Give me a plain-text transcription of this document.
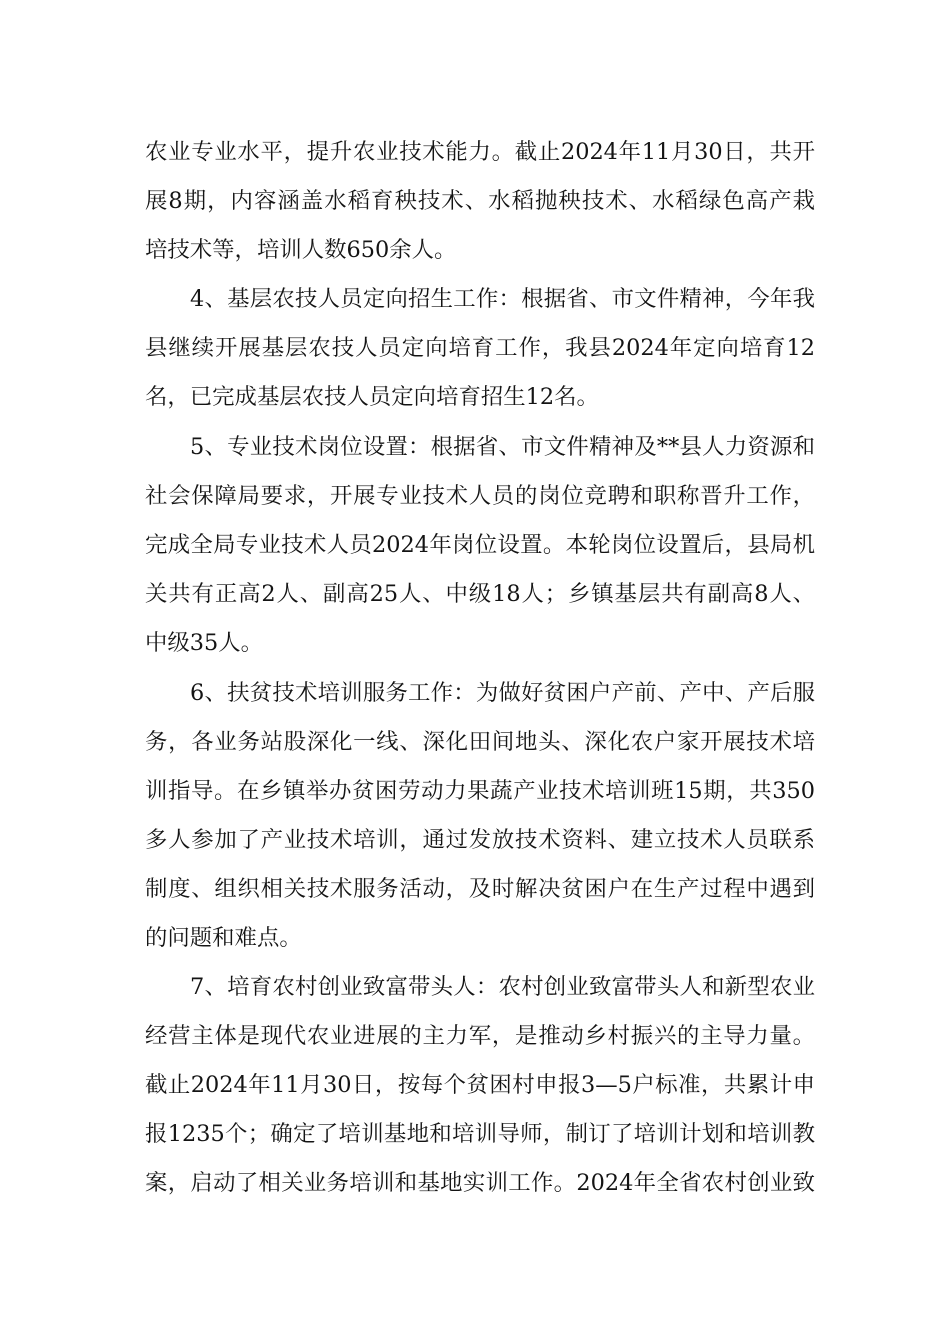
农业专业水平，提升农业技术能力。截止2024年11月30日，共开
展8期，内容涵盖水稻育秧技术、水稻抛秧技术、水稻绿色高产栽
培技术等，培训人数650余人。
4、基层农技人员定向招生工作：根据省、市文件精神，今年我
县继续开展基层农技人员定向培育工作，我县2024年定向培育12
名，已完成基层农技人员定向培育招生12名。
5、专业技术岗位设置：根据省、市文件精神及**县人力资源和
社会保障局要求，开展专业技术人员的岗位竞聘和职称晋升工作，
完成全局专业技术人员2024年岗位设置。本轮岗位设置后，县局机
关共有正高2人、副高25人、中级18人；乡镇基层共有副高8人、
中级35人。
6、扶贫技术培训服务工作：为做好贫困户产前、产中、产后服
务，各业务站股深化一线、深化田间地头、深化农户家开展技术培
训指导。在乡镇举办贫困劳动力果蔬产业技术培训班15期，共350
多人参加了产业技术培训，通过发放技术资料、建立技术人员联系
制度、组织相关技术服务活动，及时解决贫困户在生产过程中遇到
的问题和难点。
7、培育农村创业致富带头人：农村创业致富带头人和新型农业
经营主体是现代农业进展的主力军，是推动乡村振兴的主导力量。
截止2024年11月30日，按每个贫困村申报3—5户标准，共累计申
报1235个；确定了培训基地和培训导师，制订了培训计划和培训教
案，启动了相关业务培训和基地实训工作。2024年全省农村创业致
